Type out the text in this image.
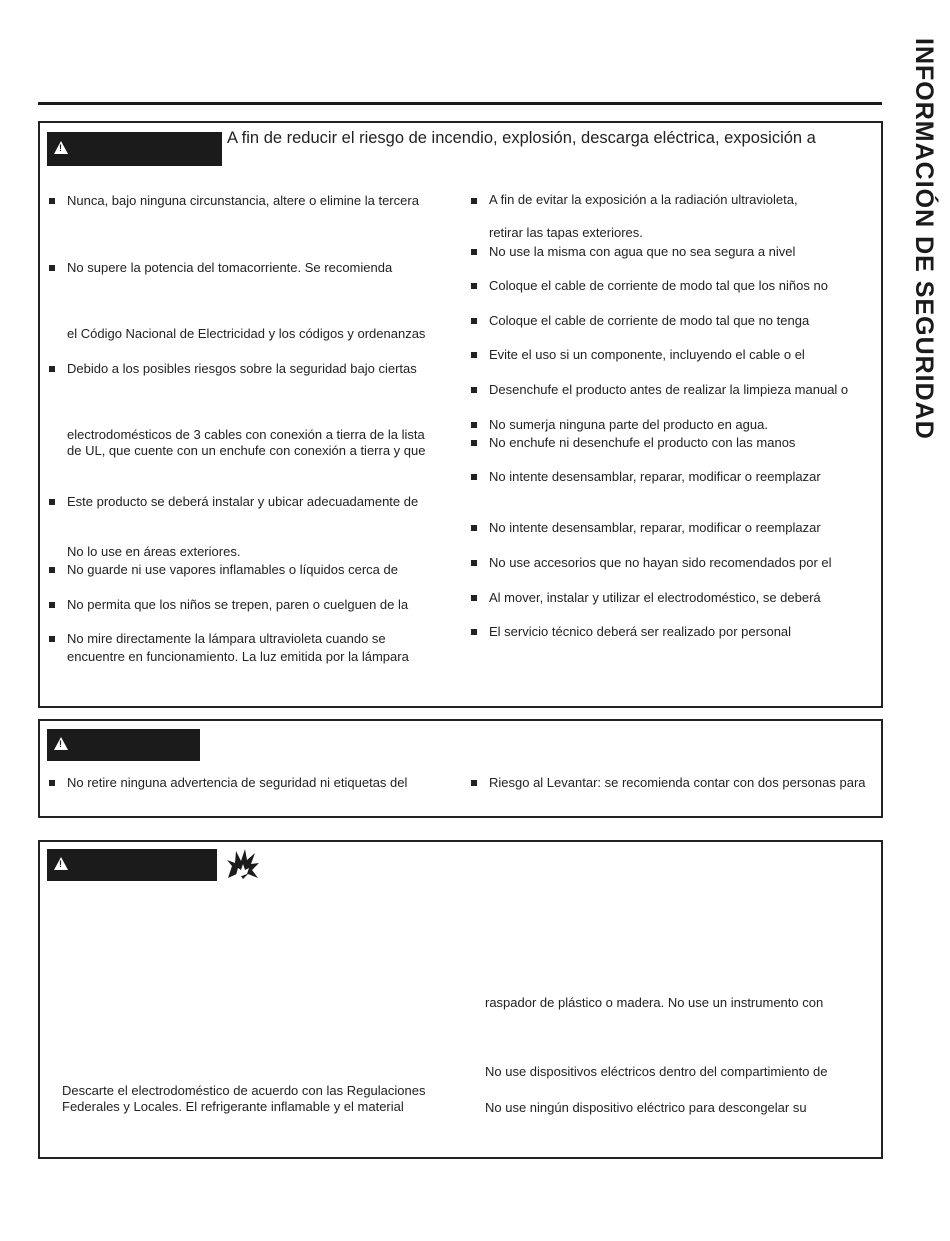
INFORMACIÓN DE SEGURIDAD
!
A fin de reducir el riesgo de incendio, explosión, descarga eléctrica, exposición a
Nunca, bajo ninguna circunstancia, altere o elimine la tercera
No supere la potencia del tomacorriente. Se recomienda
el Código Nacional de Electricidad y los códigos y ordenanzas
Debido a los posibles riesgos sobre la seguridad bajo ciertas
electrodomésticos de 3 cables con conexión a tierra de la lista
de UL, que cuente con un enchufe con conexión a tierra y que
Este producto se deberá instalar y ubicar adecuadamente de
No lo use en áreas exteriores.
No guarde ni use vapores inflamables o líquidos cerca de
No permita que los niños se trepen, paren o cuelguen de la
No mire directamente la lámpara ultravioleta cuando se
encuentre en funcionamiento. La luz emitida por la lámpara
A fin de evitar la exposición a la radiación ultravioleta,
retirar las tapas exteriores.
No use la misma con agua que no sea segura a nivel
Coloque el cable de corriente de modo tal que los niños no
Coloque el cable de corriente de modo tal que no tenga
Evite el uso si un componente, incluyendo el cable o el
Desenchufe el producto antes de realizar la limpieza manual o
No sumerja ninguna parte del producto en agua.
No enchufe ni desenchufe el producto con las manos
No intente desensamblar, reparar, modificar o reemplazar
No intente desensamblar, reparar, modificar o reemplazar
No use accesorios que no hayan sido recomendados por el
Al mover, instalar y utilizar el electrodoméstico, se deberá
El servicio técnico deberá ser realizado por personal
!
No retire ninguna advertencia de seguridad ni etiquetas del	Riesgo al Levantar: se recomienda contar con dos personas para
!
raspador de plástico o madera. No use un instrumento con
No use dispositivos eléctricos dentro del compartimiento de
Descarte el electrodoméstico de acuerdo con las Regulaciones
Federales y Locales. El refrigerante inflamable y el material	No use ningún dispositivo eléctrico para descongelar su
